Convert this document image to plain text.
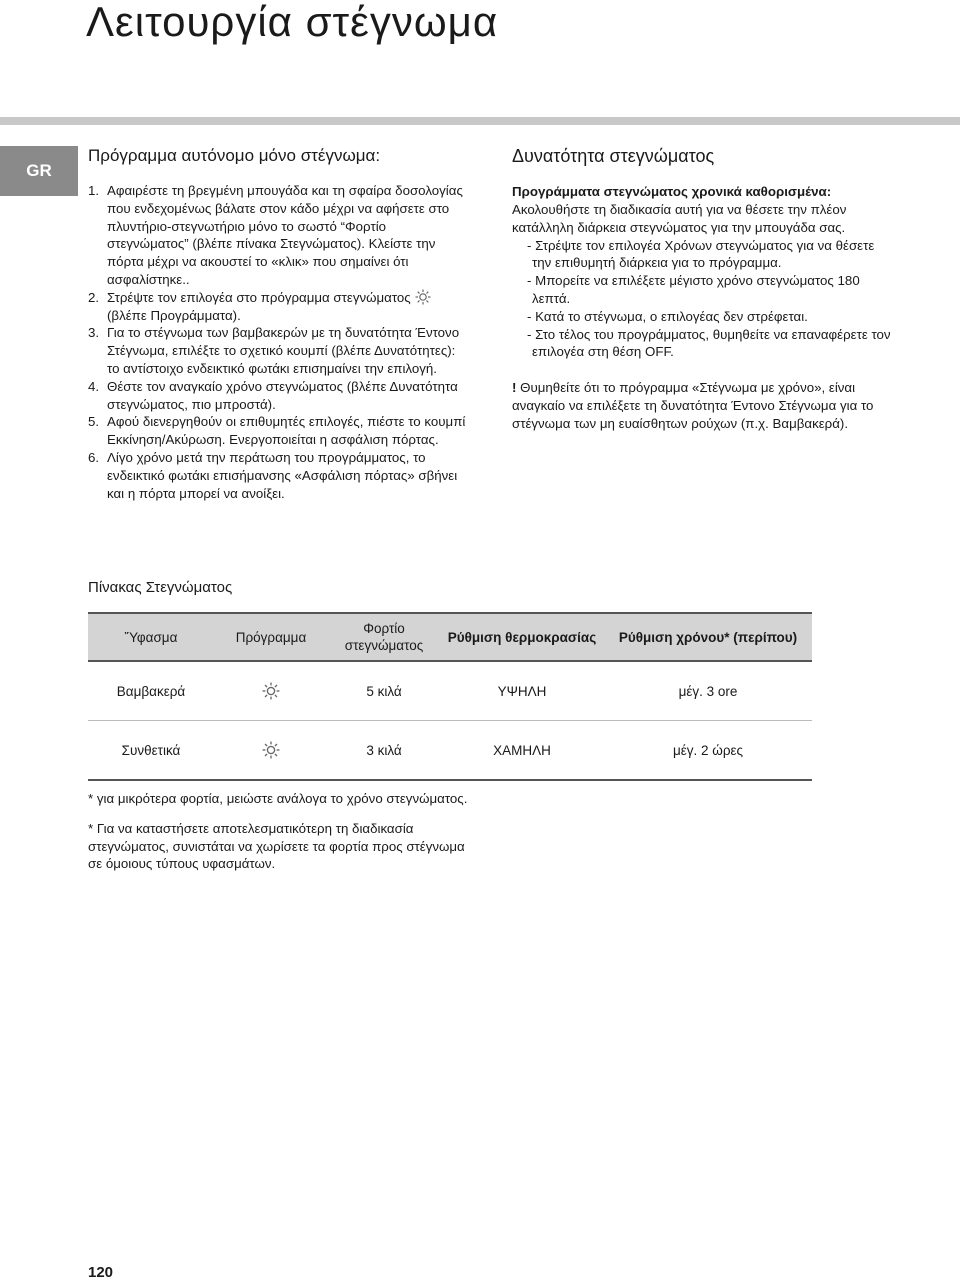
Λειτουργία στέγνωμα
GR
Πρόγραμμα αυτόνομο μόνο στέγνωμα:
1. Αφαιρέστε τη βρεγμένη μπουγάδα και τη σφαίρα δοσολογίας που ενδεχομένως βάλατε στον κάδο μέχρι να αφήσετε στο πλυντήριο-στεγνωτήριο μόνο το σωστό “Φορτίο στεγνώματος” (βλέπε πίνακα Στεγνώματος). Κλείστε την πόρτα μέχρι να ακουστεί το «κλικ» που σημαίνει ότι ασφαλίστηκε..
2. Στρέψτε τον επιλογέα στο πρόγραμμα στεγνώματος

(βλέπε Προγράμματα).
3. Για το στέγνωμα των βαμβακερών με τη δυνατότητα Έντονο Στέγνωμα, επιλέξτε το σχετικό κουμπί (βλέπε Δυνατότητες): το αντίστοιχο ενδεικτικό φωτάκι επισημαίνει την επιλογή.
4. Θέστε τον αναγκαίο χρόνο στεγνώματος (βλέπε Δυνατότητα στεγνώματος, πιο μπροστά).
5. Αφού διενεργηθούν οι επιθυμητές επιλογές, πιέστε το κουμπί Εκκίνηση/Ακύρωση. Ενεργοποιείται η ασφάλιση πόρτας.
6. Λίγο χρόνο μετά την περάτωση του προγράμματος, το ενδεικτικό φωτάκι επισήμανσης «Ασφάλιση πόρτας» σβήνει και η πόρτα μπορεί να ανοίξει.
Δυνατότητα στεγνώματος

Προγράμματα στεγνώματος χρονικά καθορισμένα:

Ακολουθήστε τη διαδικασία αυτή για να θέσετε την πλέον κατάλληλη διάρκεια στεγνώματος για την μπουγάδα σας.

- Στρέψτε τον επιλογέα Χρόνων στεγνώματος για να θέσετε την επιθυμητή διάρκεια για το πρόγραμμα.
- Μπορείτε να επιλέξετε μέγιστο χρόνο στεγνώματος 180 λεπτά.
- Κατά το στέγνωμα, ο επιλογέας δεν στρέφεται.
- Στο τέλος του προγράμματος, θυμηθείτε να επαναφέρετε τον επιλογέα στη θέση OFF.

! Θυμηθείτε ότι το πρόγραμμα «Στέγνωμα με χρόνο», είναι αναγκαίο να επιλέξετε τη δυνατότητα Έντονο Στέγνωμα για το στέγνωμα των μη ευαίσθητων ρούχων (π.χ. Βαμβακερά).

Πίνακας Στεγνώματος
῞Υφασμα	Πρόγραμμα	Φορτίο στεγνώματος	Ρύθμιση θερμοκρασίας	Ρύθμιση χρόνου* (περίπου)
Βαμβακερά		5 κιλά	ΥΨΗΛΗ	μέγ. 3 ore
Συνθετικά		3 κιλά	ΧΑΜΗΛΗ	μέγ. 2 ώρες

* για μικρότερα φορτία, μειώστε ανάλογα το χρόνο στεγνώματος.

* Για να καταστήσετε αποτελεσματικότερη τη διαδικασία στεγνώματος, συνιστάται να χωρίσετε τα φορτία προς στέγνωμα σε όμοιους τύπους υφασμάτων.

120
